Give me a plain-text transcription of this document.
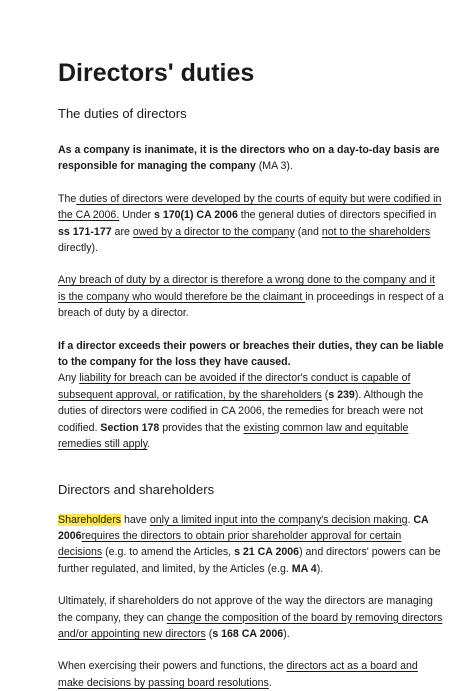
Directors' duties
The duties of directors

As a company is inanimate, it is the directors who on a day-to-day basis are responsible for managing the company (MA 3).

The duties of directors were developed by the courts of equity but were codified in the CA 2006. Under s 170(1) CA 2006 the general duties of directors specified in ss 171-177 are owed by a director to the company (and not to the shareholders directly).

Any breach of duty by a director is therefore a wrong done to the company and it is the company who would therefore be the claimant in proceedings in respect of a breach of duty by a director.

If a director exceeds their powers or breaches their duties, they can be liable to the company for the loss they have caused.
Any liability for breach can be avoided if the director's conduct is capable of subsequent approval, or ratification, by the shareholders (s 239). Although the duties of directors were codified in CA 2006, the remedies for breach were not codified. Section 178 provides that the existing common law and equitable remedies still apply.

Directors and shareholders

Shareholders have only a limited input into the company's decision making. CA 2006requires the directors to obtain prior shareholder approval for certain decisions (e.g. to amend the Articles, s 21 CA 2006) and directors' powers can be further regulated, and limited, by the Articles (e.g. MA 4).

Ultimately, if shareholders do not approve of the way the directors are managing the company, they can change the composition of the board by removing directors and/or appointing new directors (s 168 CA 2006).

When exercising their powers and functions, the directors act as a board and make decisions by passing board resolutions.
